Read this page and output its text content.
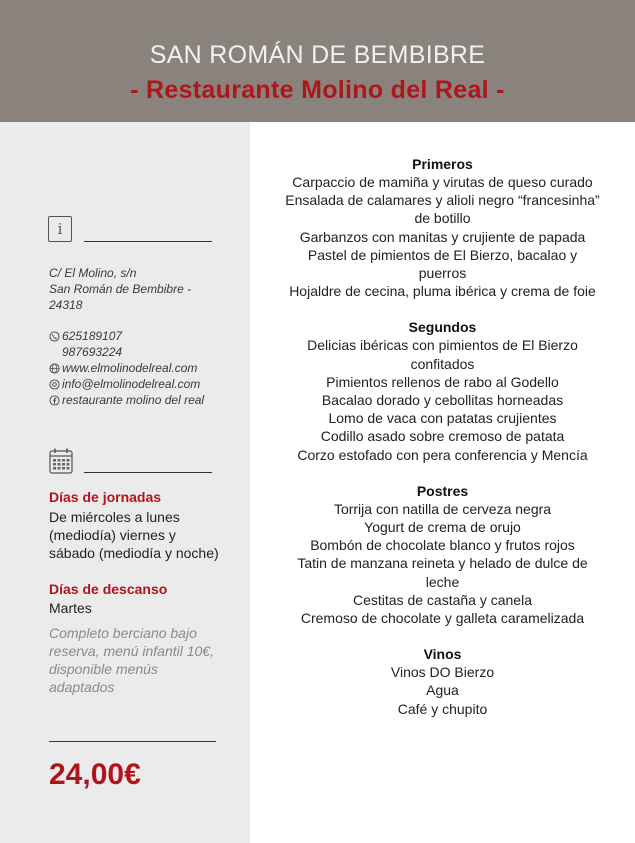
SAN ROMÁN DE BEMBIBRE
- Restaurante Molino del Real -
i
C/ El Molino, s/n
San Román de Bembibre -
24318
625189107
987693224
www.elmolinodelreal.com
info@elmolinodelreal.com
restaurante molino del real
Días de jornadas
De miércoles a lunes (mediodía) viernes y sábado (mediodía y noche)
Días de descanso
Martes
Completo berciano bajo reserva, menú infantil 10€, disponible menús adaptados
24,00€
Primeros
Carpaccio de mamiña y virutas de queso curado
Ensalada de calamares y alioli negro “francesinha” de botillo
Garbanzos con manitas y crujiente de papada
Pastel de pimientos de El Bierzo, bacalao y puerros
Hojaldre de cecina, pluma ibérica y crema de foie
Segundos
Delicias ibéricas con pimientos de El Bierzo confitados
Pimientos rellenos de rabo al Godello
Bacalao dorado y cebollitas horneadas
Lomo de vaca con patatas crujientes
Codillo asado sobre cremoso de patata
Corzo estofado con pera conferencia y Mencía
Postres
Torrija con natilla de cerveza negra
Yogurt de crema de orujo
Bombón de chocolate blanco y frutos rojos
Tatin de manzana reineta y helado de dulce de leche
Cestitas de castaña y canela
Cremoso de chocolate y galleta caramelizada
Vinos
Vinos DO Bierzo
Agua
Café y chupito
